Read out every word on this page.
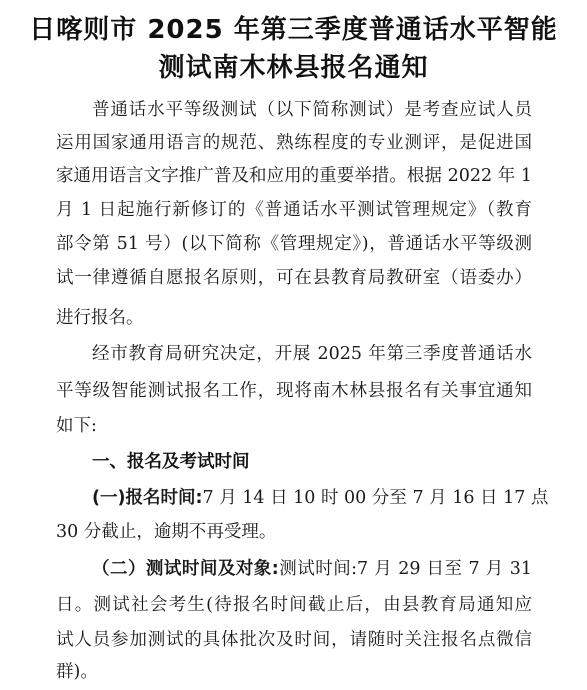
日喀则市 2025 年第三季度普通话水平智能
测试南木林县报名通知
普通话水平等级测试（以下简称测试）是考查应试人员
运用国家通用语言的规范、熟练程度的专业测评，是促进国
家通用语言文字推广普及和应用的重要举措。根据 2022 年 1
月 1 日起施行新修订的《普通话水平测试管理规定》（教育
部令第 51 号）(以下简称《管理规定》)，普通话水平等级测
试一律遵循自愿报名原则，可在县教育局教研室（语委办）
进行报名。
经市教育局研究决定，开展 2025 年第三季度普通话水
平等级智能测试报名工作，现将南木林县报名有关事宜通知
如下:
一、报名及考试时间
(一)报名时间:7 月 14 日 10 时 00 分至 7 月 16 日 17 点
30 分截止，逾期不再受理。
（二）测试时间及对象:测试时间:7 月 29 日至 7 月 31
日。测试社会考生(待报名时间截止后，由县教育局通知应
试人员参加测试的具体批次及时间，请随时关注报名点微信
群)。
